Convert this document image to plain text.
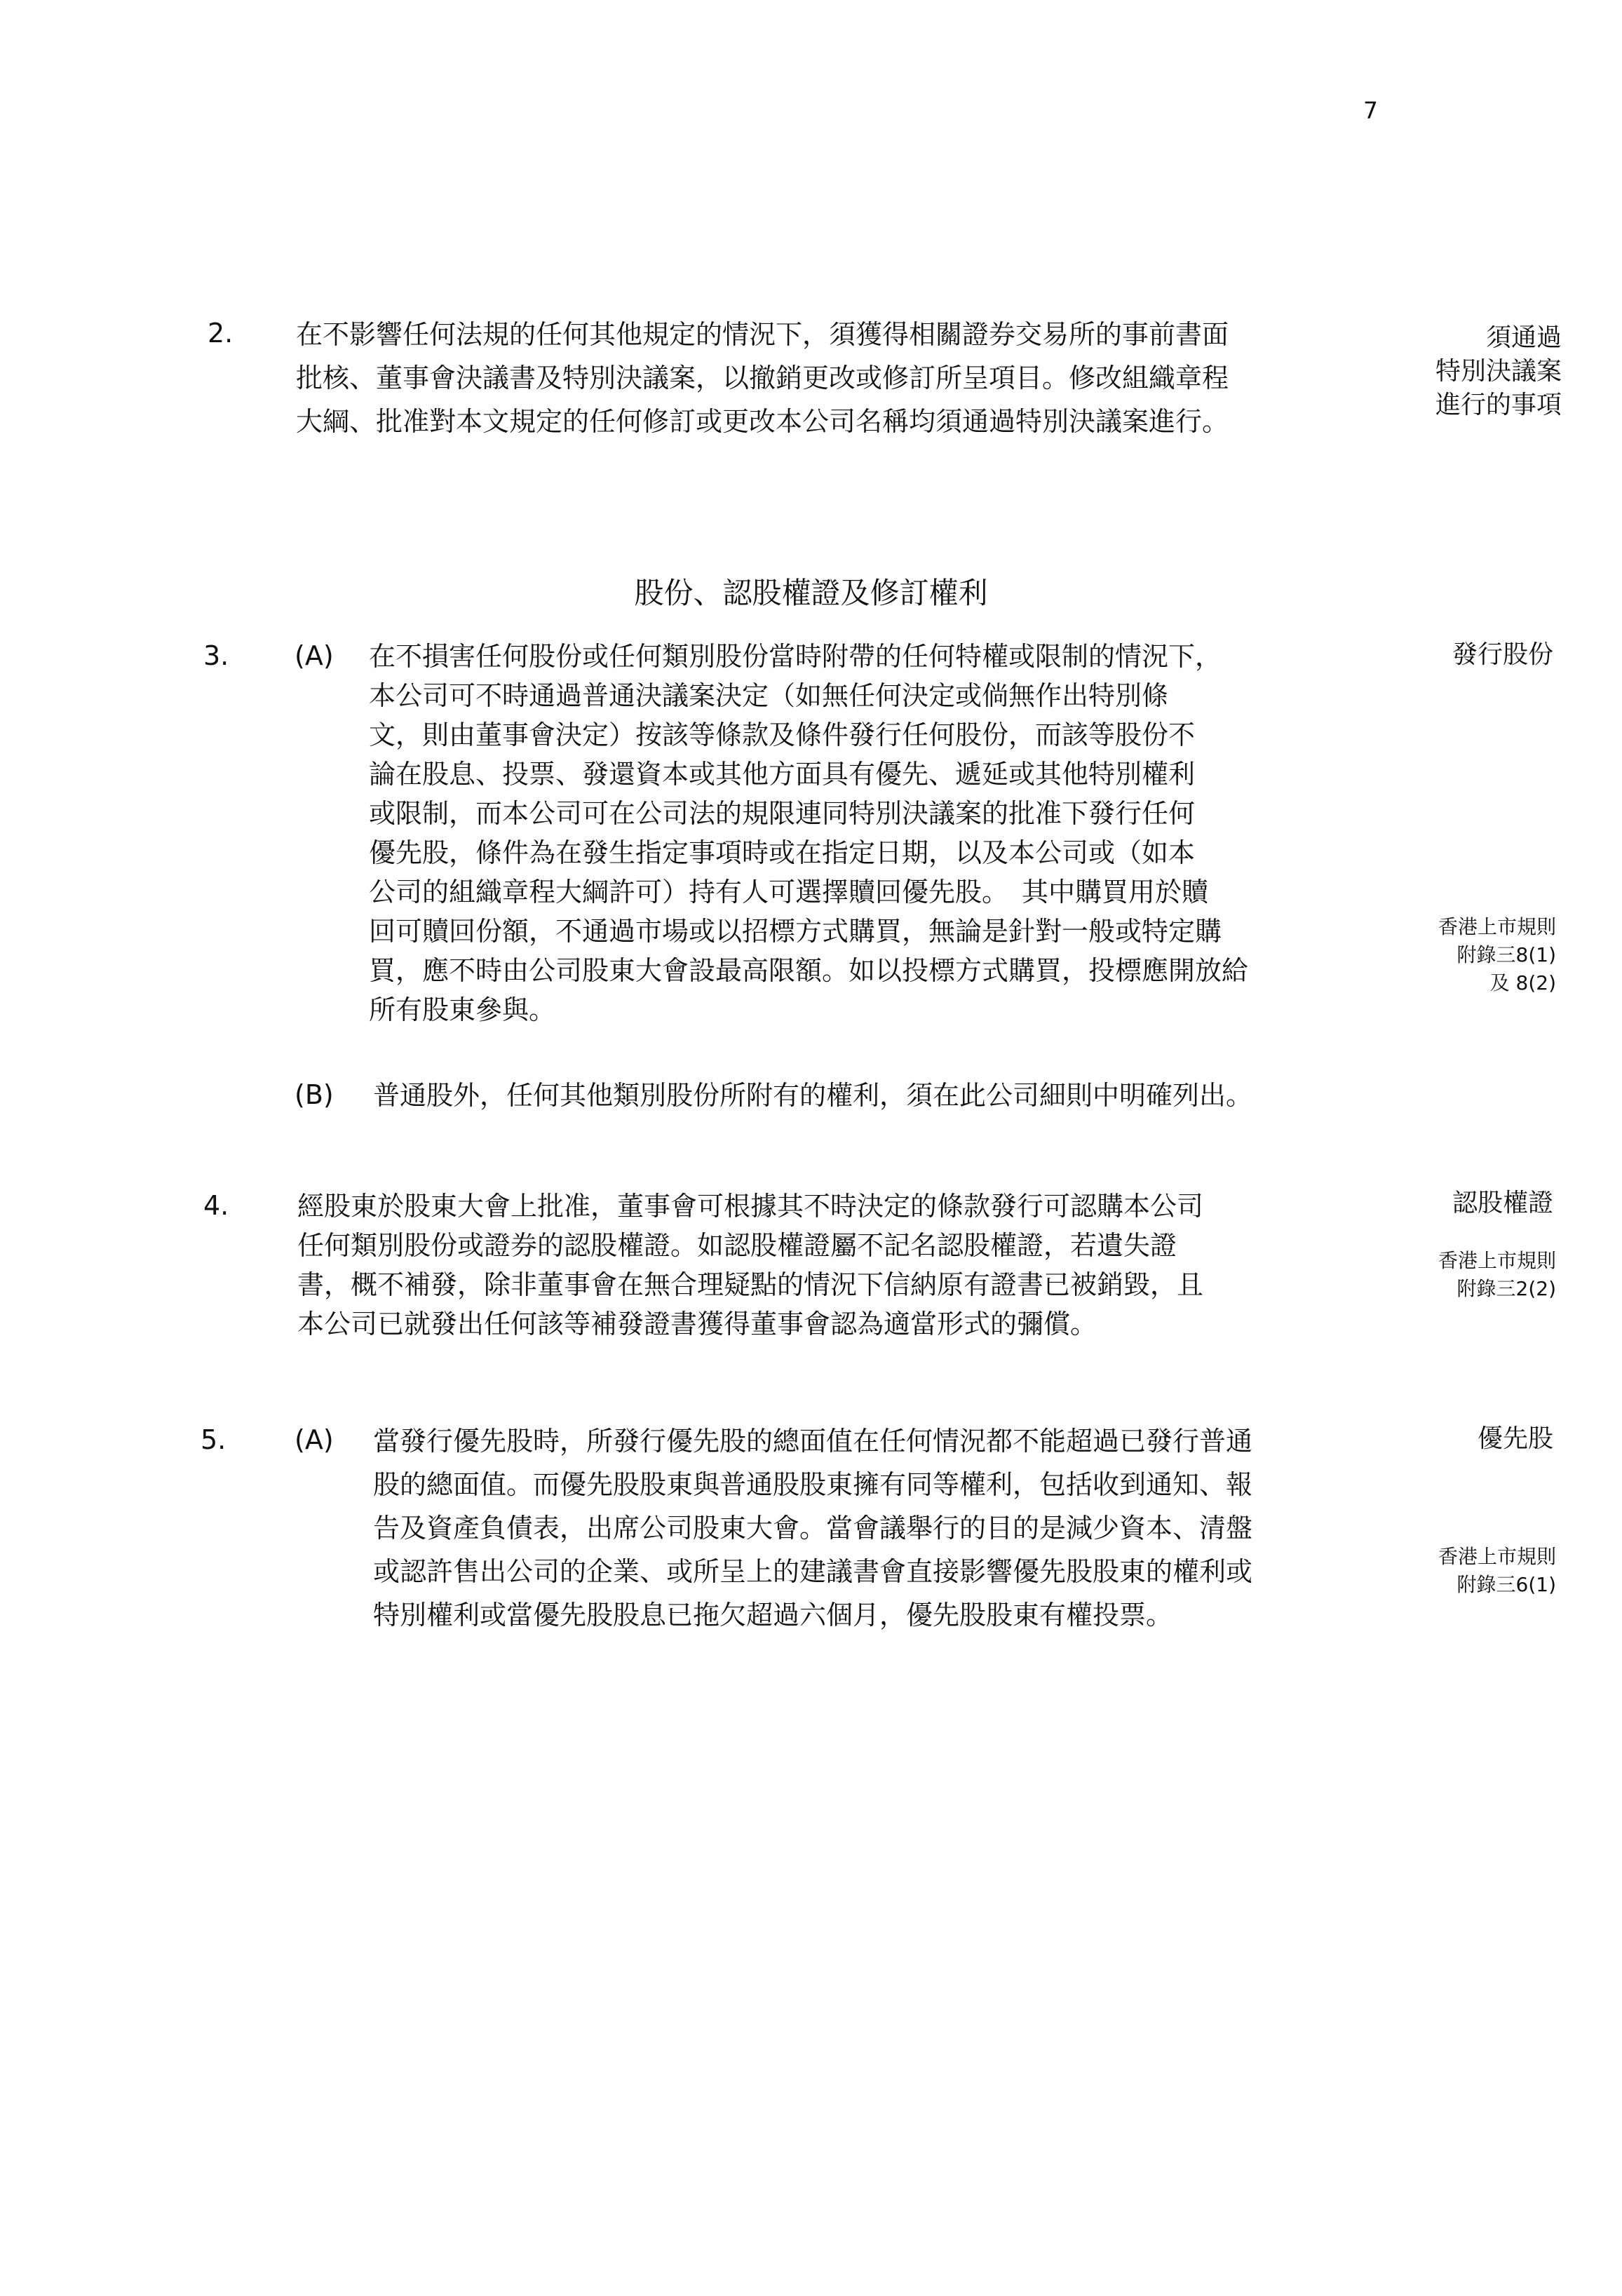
7
2. 在不影響任何法規的任何其他規定的情況下，須獲得相關證券交易所的事前書面
批核、董事會決議書及特別決議案，以撤銷更改或修訂所呈項目。修改組織章程
大綱、批准對本文規定的任何修訂或更改本公司名稱均須通過特別決議案進行。
須通過
特別決議案
進行的事項
股份、認股權證及修訂權利
3. (A) 在不損害任何股份或任何類別股份當時附帶的任何特權或限制的情況下，
本公司可不時通過普通決議案決定（如無任何決定或倘無作出特別條
文，則由董事會決定）按該等條款及條件發行任何股份，而該等股份不
論在股息、投票、發還資本或其他方面具有優先、遞延或其他特別權利
或限制，而本公司可在公司法的規限連同特別決議案的批准下發行任何
優先股，條件為在發生指定事項時或在指定日期，以及本公司或（如本
公司的組織章程大綱許可）持有人可選擇贖回優先股。　其中購買用於贖
回可贖回份額，不通過市場或以招標方式購買，無論是針對一般或特定購
買，應不時由公司股東大會設最高限額。如以投標方式購買，投標應開放給
所有股東參與。
發行股份
香港上市規則
附錄三8(1)
及 8(2)
(B) 普通股外，任何其他類別股份所附有的權利，須在此公司細則中明確列出。
4.	經股東於股東大會上批准，董事會可根據其不時決定的條款發行可認購本公司
任何類別股份或證券的認股權證。如認股權證屬不記名認股權證，若遺失證
書，概不補發，除非董事會在無合理疑點的情況下信納原有證書已被銷毀，且
本公司已就發出任何該等補發證書獲得董事會認為適當形式的彌償。
認股權證
香港上市規則
附錄三2(2)
5.	(A) 當發行優先股時，所發行優先股的總面值在任何情況都不能超過已發行普通
股的總面值。而優先股股東與普通股股東擁有同等權利，包括收到通知、報
告及資產負債表，出席公司股東大會。當會議舉行的目的是減少資本、清盤
或認許售出公司的企業、或所呈上的建議書會直接影響優先股股東的權利或
特別權利或當優先股股息已拖欠超過六個月，優先股股東有權投票。
優先股
香港上市規則
附錄三6(1)
